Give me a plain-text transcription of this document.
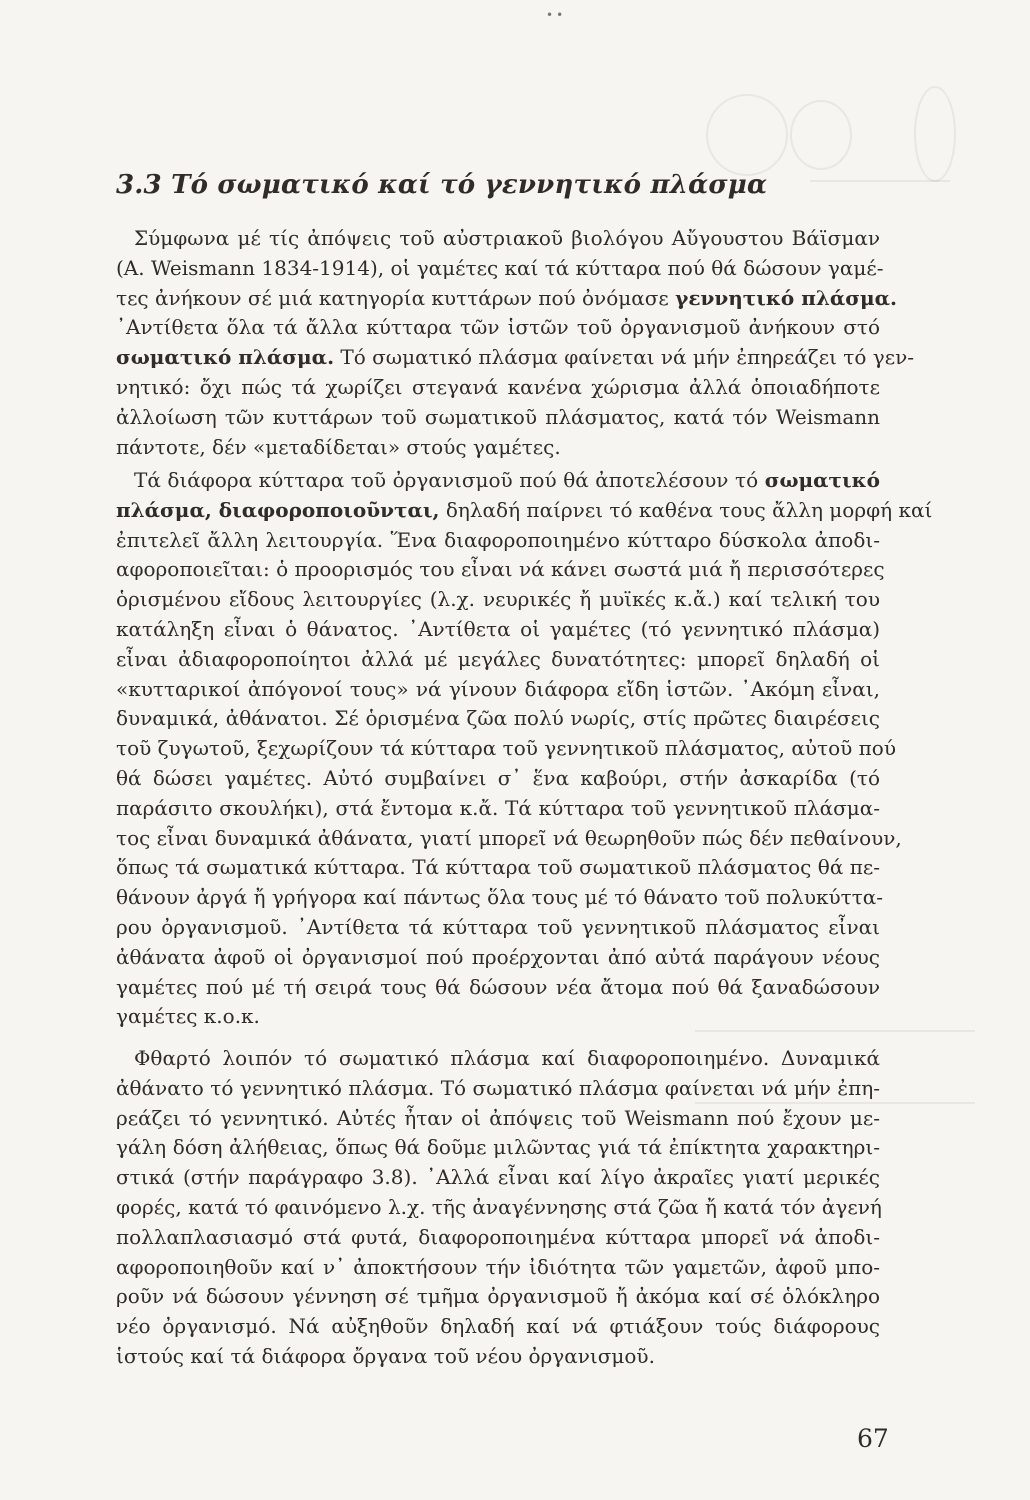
••
3.3 Τό σωματικό καί τό γεννητικό πλάσμα
Σύμφωνα μέ τίς ἀπόψεις τοῦ αὐστριακοῦ βιολόγου Αὔγουστου Βάϊσμαν
(A. Weismann 1834-1914), οἱ γαμέτες καί τά κύτταρα πού θά δώσουν γαμέ-
τες ἀνήκουν σέ μιά κατηγορία κυττάρων πού ὀνόμασε γεννητικό πλάσμα.
᾿Αντίθετα ὅλα τά ἄλλα κύτταρα τῶν ἱστῶν τοῦ ὀργανισμοῦ ἀνήκουν στό
σωματικό πλάσμα. Τό σωματικό πλάσμα φαίνεται νά μήν ἐπηρεάζει τό γεν-
νητικό: ὄχι πώς τά χωρίζει στεγανά κανένα χώρισμα ἀλλά ὁποιαδήποτε
ἀλλοίωση τῶν κυττάρων τοῦ σωματικοῦ πλάσματος, κατά τόν Weismann
πάντοτε, δέν «μεταδίδεται» στούς γαμέτες.
Τά διάφορα κύτταρα τοῦ ὀργανισμοῦ πού θά ἀποτελέσουν τό σωματικό
πλάσμα, διαφοροποιοῦνται, δηλαδή παίρνει τό καθένα τους ἄλλη μορφή καί
ἐπιτελεῖ ἄλλη λειτουργία. Ἕνα διαφοροποιημένο κύτταρο δύσκολα ἀποδι-
αφοροποιεῖται: ὁ προορισμός του εἶναι νά κάνει σωστά μιά ἤ περισσότερες
ὁρισμένου εἴδους λειτουργίες (λ.χ. νευρικές ἤ μυϊκές κ.ἄ.) καί τελική του
κατάληξη εἶναι ὁ θάνατος. ᾿Αντίθετα οἱ γαμέτες (τό γεννητικό πλάσμα)
εἶναι ἀδιαφοροποίητοι ἀλλά μέ μεγάλες δυνατότητες: μπορεῖ δηλαδή οἱ
«κυτταρικοί ἀπόγονοί τους» νά γίνουν διάφορα εἴδη ἱστῶν. ᾿Ακόμη εἶναι,
δυναμικά, ἀθάνατοι. Σέ ὁρισμένα ζῶα πολύ νωρίς, στίς πρῶτες διαιρέσεις
τοῦ ζυγωτοῦ, ξεχωρίζουν τά κύτταρα τοῦ γεννητικοῦ πλάσματος, αὐτοῦ πού
θά δώσει γαμέτες. Αὐτό συμβαίνει σ᾿ ἕνα καβούρι, στήν ἀσκαρίδα (τό
παράσιτο σκουλήκι), στά ἔντομα κ.ἄ. Τά κύτταρα τοῦ γεννητικοῦ πλάσμα-
τος εἶναι δυναμικά ἀθάνατα, γιατί μπορεῖ νά θεωρηθοῦν πώς δέν πεθαίνουν,
ὅπως τά σωματικά κύτταρα. Τά κύτταρα τοῦ σωματικοῦ πλάσματος θά πε-
θάνουν ἀργά ἤ γρήγορα καί πάντως ὅλα τους μέ τό θάνατο τοῦ πολυκύττα-
ρου ὀργανισμοῦ. ᾿Αντίθετα τά κύτταρα τοῦ γεννητικοῦ πλάσματος εἶναι
ἀθάνατα ἀφοῦ οἱ ὀργανισμοί πού προέρχονται ἀπό αὐτά παράγουν νέους
γαμέτες πού μέ τή σειρά τους θά δώσουν νέα ἄτομα πού θά ξαναδώσουν
γαμέτες κ.ο.κ.
Φθαρτό λοιπόν τό σωματικό πλάσμα καί διαφοροποιημένο. Δυναμικά
ἀθάνατο τό γεννητικό πλάσμα. Τό σωματικό πλάσμα φαίνεται νά μήν ἐπη-
ρεάζει τό γεννητικό. Αὐτές ἦταν οἱ ἀπόψεις τοῦ Weismann πού ἔχουν με-
γάλη δόση ἀλήθειας, ὅπως θά δοῦμε μιλῶντας γιά τά ἐπίκτητα χαρακτηρι-
στικά (στήν παράγραφο 3.8). ᾿Αλλά εἶναι καί λίγο ἀκραῖες γιατί μερικές
φορές, κατά τό φαινόμενο λ.χ. τῆς ἀναγέννησης στά ζῶα ἤ κατά τόν ἀγενή
πολλαπλασιασμό στά φυτά, διαφοροποιημένα κύτταρα μπορεῖ νά ἀποδι-
αφοροποιηθοῦν καί ν᾿ ἀποκτήσουν τήν ἰδιότητα τῶν γαμετῶν, ἀφοῦ μπο-
ροῦν νά δώσουν γέννηση σέ τμῆμα ὀργανισμοῦ ἤ ἀκόμα καί σέ ὁλόκληρο
νέο ὀργανισμό. Νά αὐξηθοῦν δηλαδή καί νά φτιάξουν τούς διάφορους
ἱστούς καί τά διάφορα ὄργανα τοῦ νέου ὀργανισμοῦ.
67
